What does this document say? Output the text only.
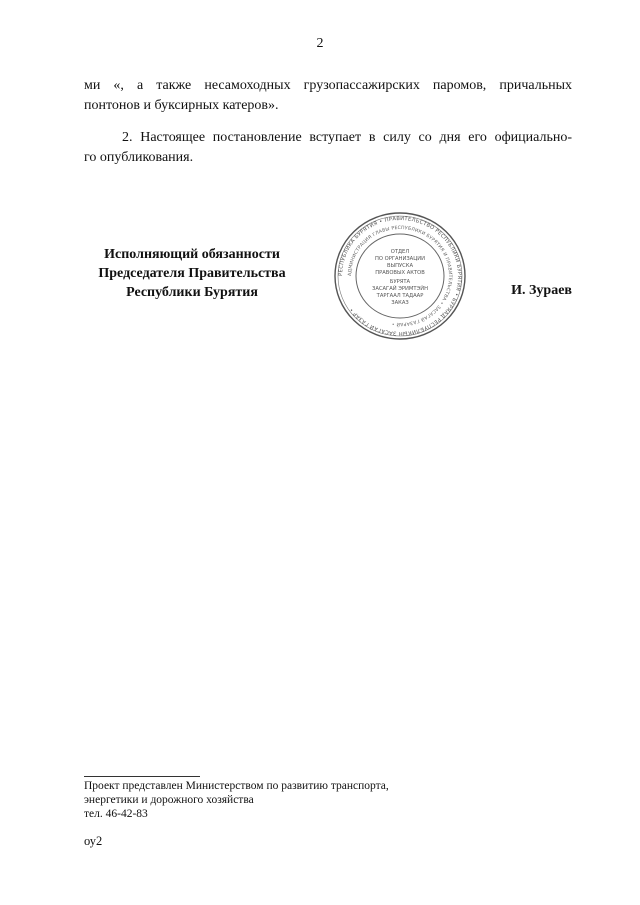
2

ми «, а также несамоходных грузопассажирских паромов, причальных
понтонов и буксирных катеров».

2. Настоящее постановление вступает в силу со дня его официально-
го опубликования.

Исполняющий обязанности
Председателя Правительства
Республики Бурятия
РЕСПУБЛИКА БУРЯТИЯ • ПРАВИТЕЛЬСТВО РЕСПУБЛИКИ БУРЯТИЯ • БУРЯАД РЕСПУБЛИКЫН ЗАСАГАЙ ГАЗАР •
АДМИНИСТРАЦИЯ ГЛАВЫ РЕСПУБЛИКИ БУРЯТИЯ И ПРАВИТЕЛЬСТВА • ЗАСАГАЙ ГАЗАРАЙ •
ОТДЕЛ
ПО ОРГАНИЗАЦИИ
ВЫПУСКА
ПРАВОВЫХ АКТОВ
БУРЯТА
ЗАСАГАЙ ЭРИМТЭЙН
ТАРГААЛ ТАДААР
ЗАКАЗ
И. Зураев
Проект представлен Министерством по развитию транспорта,
энергетики и дорожного хозяйства
тел. 46-42-83
оу2
